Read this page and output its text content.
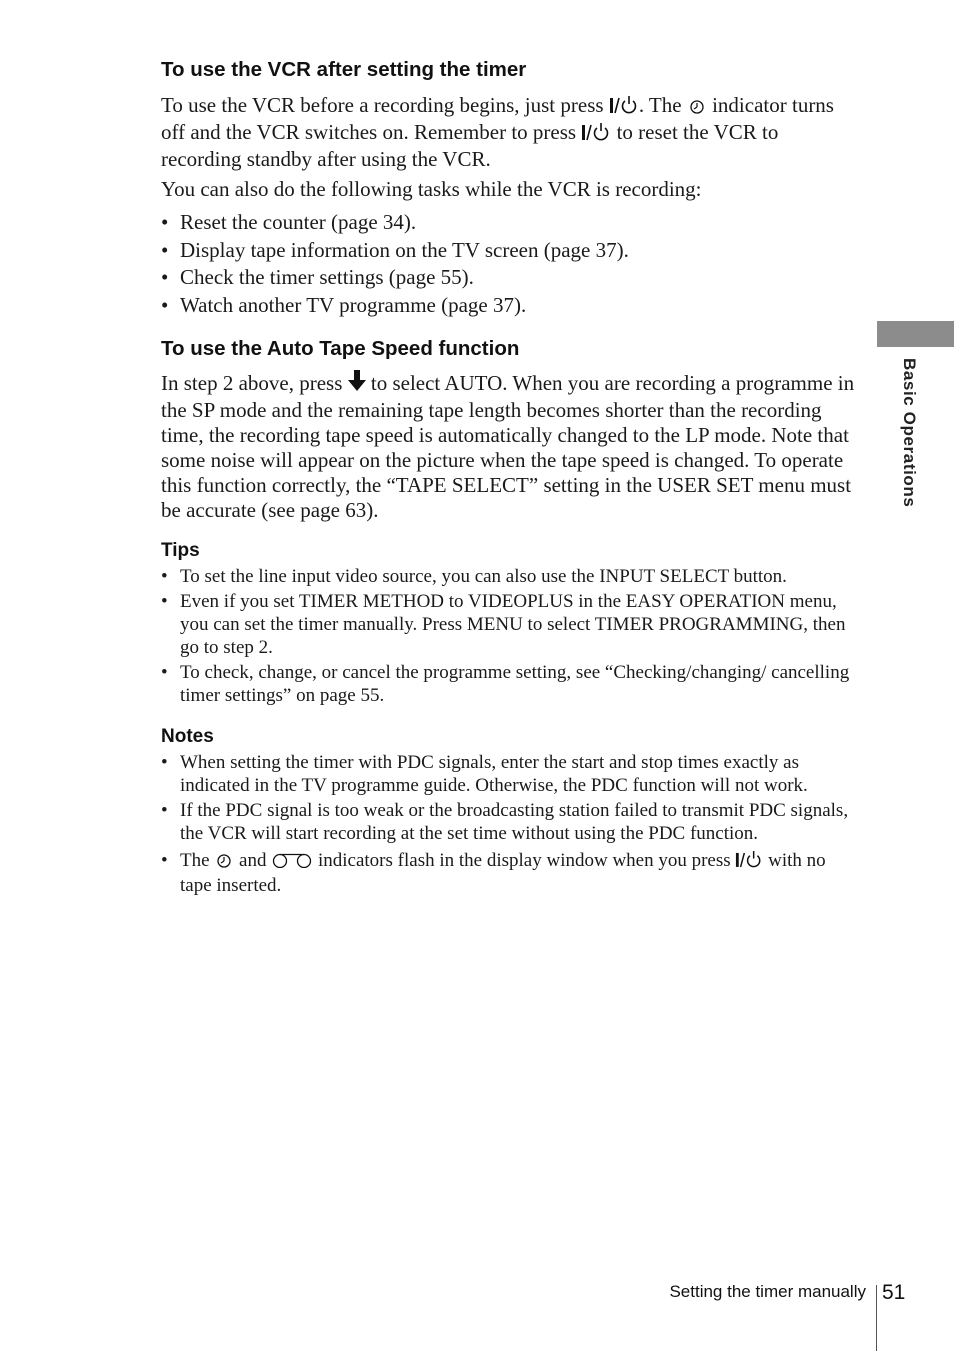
To use the VCR after setting the timer

To use the VCR before a recording begins, just press . The indicator turns off and the VCR switches on. Remember to press to reset the VCR to recording standby after using the VCR.

You can also do the following tasks while the VCR is recording:

• Reset the counter (page 34).
• Display tape information on the TV screen (page 37).
• Check the timer settings (page 55).
• Watch another TV programme (page 37).
To use the Auto Tape Speed function

In step 2 above, press to select AUTO. When you are recording a programme in the SP mode and the remaining tape length becomes shorter than the recording time, the recording tape speed is automatically changed to the LP mode. Note that some noise will appear on the picture when the tape speed is changed. To operate this function correctly, the “TAPE SELECT” setting in the USER SET menu must be accurate (see page 63).

Tips
• To set the line input video source, you can also use the INPUT SELECT button.
• Even if you set TIMER METHOD to VIDEOPLUS in the EASY OPERATION menu, you can set the timer manually. Press MENU to select TIMER PROGRAMMING, then go to step 2.
• To check, change, or cancel the programme setting, see “Checking/changing/ cancelling timer settings” on page 55.
Notes
• When setting the timer with PDC signals, enter the start and stop times exactly as indicated in the TV programme guide. Otherwise, the PDC function will not work.
• If the PDC signal is too weak or the broadcasting station failed to transmit PDC signals, the VCR will start recording at the set time without using the PDC function.
• The and	indicators flash in the display window when you press with no tape inserted.
Basic Operations
Setting the timer manually 51
